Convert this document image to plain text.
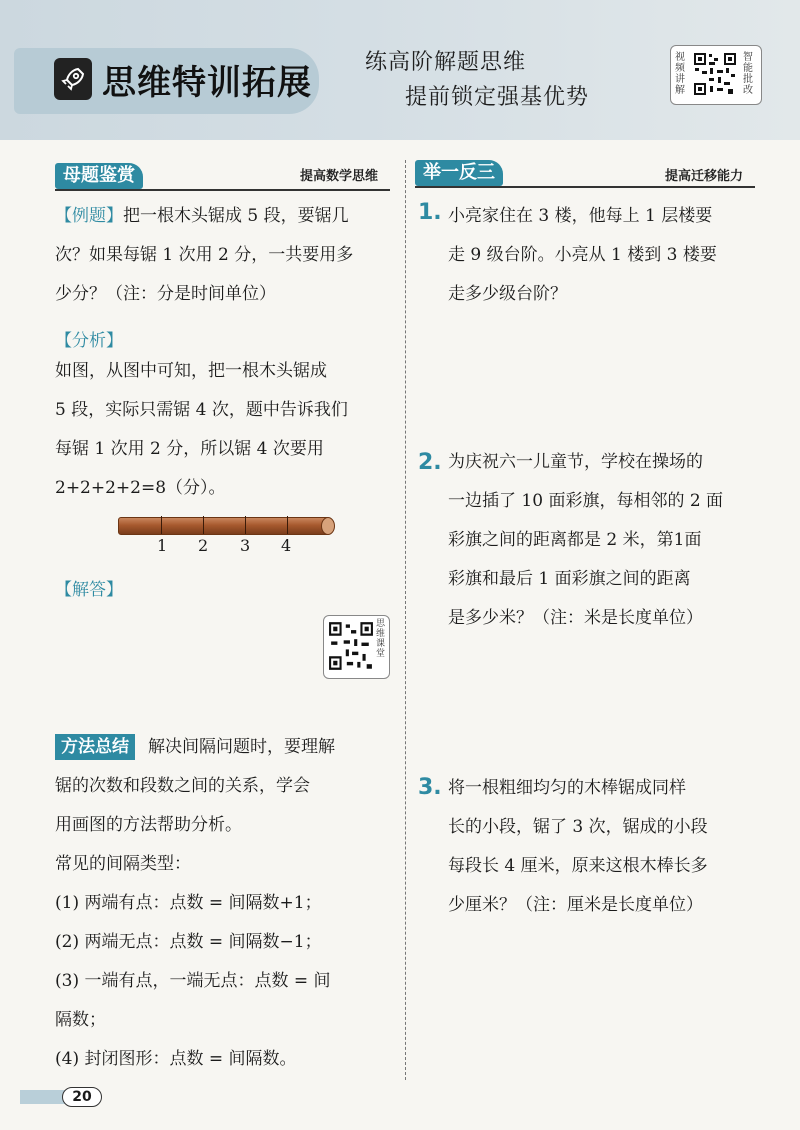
思维特训拓展
练高阶解题思维
提前锁定强基优势
视频讲解
智能批改
母题鉴赏	提高数学思维
【例题】把一根木头锯成 5 段，要锯几
次？如果每锯 1 次用 2 分，一共要用多
少分？（注：分是时间单位）
【分析】
如图，从图中可知，把一根木头锯成
5 段，实际只需锯 4 次，题中告诉我们
每锯 1 次用 2 分，所以锯 4 次要用
2+2+2+2=8（分）。
1 2 3 4
【解答】
思维课堂
方法总结	解决间隔问题时，要理解
锯的次数和段数之间的关系，学会
用画图的方法帮助分析。
常见的间隔类型：
(1) 两端有点：点数 = 间隔数+1；
(2) 两端无点：点数 = 间隔数−1；
(3) 一端有点，一端无点：点数 = 间
隔数；
(4) 封闭图形：点数 = 间隔数。
举一反三	提高迁移能力
1. 小亮家住在 3 楼，他每上 1 层楼要
走 9 级台阶。小亮从 1 楼到 3 楼要
走多少级台阶？
2. 为庆祝六一儿童节，学校在操场的
一边插了 10 面彩旗，每相邻的 2 面
彩旗之间的距离都是 2 米，第1面
彩旗和最后 1 面彩旗之间的距离
是多少米？（注：米是长度单位）
3. 将一根粗细均匀的木棒锯成同样
长的小段，锯了 3 次，锯成的小段
每段长 4 厘米，原来这根木棒长多
少厘米？（注：厘米是长度单位）
20
